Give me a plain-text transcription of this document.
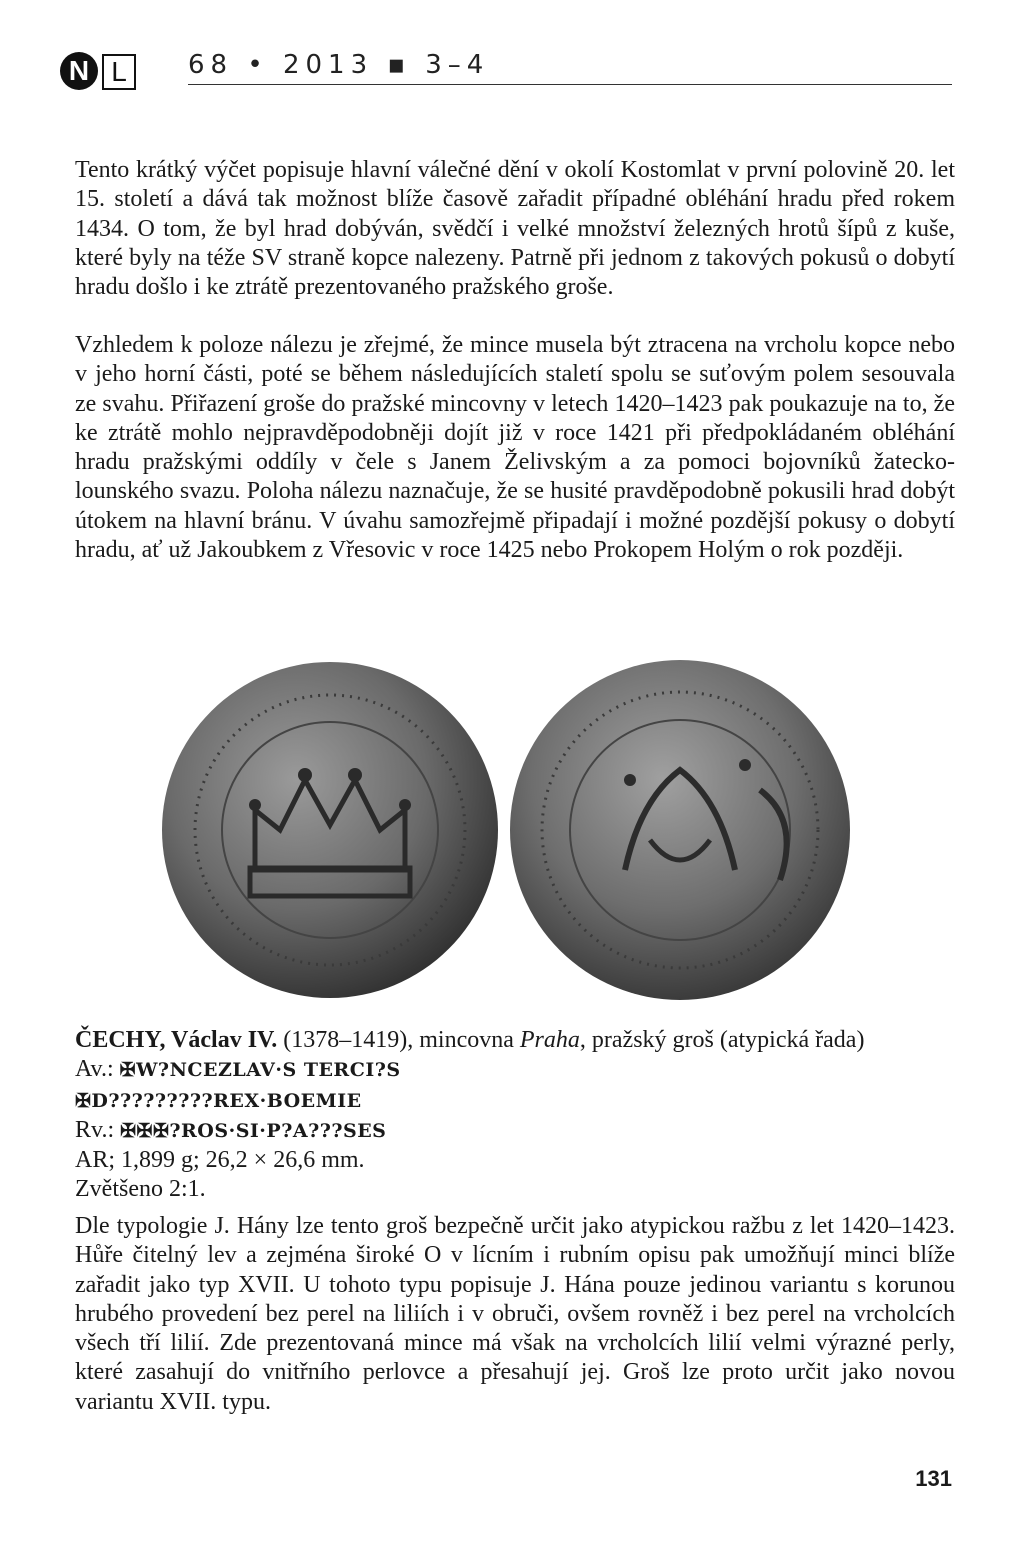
N L	68 • 2013 ▪ 3–4

Tento krátký výčet popisuje hlavní válečné dění v okolí Kostomlat v první polovině 20. let 15. století a dává tak možnost blíže časově zařadit případné obléhání hradu před rokem 1434. O tom, že byl hrad dobýván, svědčí i velké množství železných hrotů šípů z kuše, které byly na téže SV straně kopce nalezeny. Patrně při jednom z takových pokusů o dobytí hradu došlo i ke ztrátě prezentovaného pražského groše.

Vzhledem k poloze nálezu je zřejmé, že mince musela být ztracena na vrcholu kopce nebo v jeho horní části, poté se během následujících staletí spolu se suťovým polem sesouvala ze svahu. Přiřazení groše do pražské mincovny v letech 1420–1423 pak poukazuje na to, že ke ztrátě mohlo nejpravděpodobněji dojít již v roce 1421 při předpokládaném obléhání hradu pražskými oddíly v čele s Janem Želivským a za pomoci bojovníků žatecko-lounského svazu. Poloha nálezu naznačuje, že se husité pravděpodobně pokusili hrad dobýt útokem na hlavní bránu. V úvahu samozřejmě připadají i možné pozdější pokusy o dobytí hradu, ať už Jakoubkem z Vřesovic v roce 1425 nebo Prokopem Holým o rok později.

ČECHY, Václav IV. (1378–1419), mincovna Praha, pražský groš (atypická řada)
Av.: ✠W?NCEZLAV·S TERCI?S
✠D?????????REX·BOEMIE
Rv.: ✠✠✠?ROS·SI·P?A???SES
AR; 1,899 g; 26,2 × 26,6 mm.
Zvětšeno 2:1.

Dle typologie J. Hány lze tento groš bezpečně určit jako atypickou ražbu z let 1420–1423. Hůře čitelný lev a zejména široké O v lícním i rubním opisu pak umožňují minci blíže zařadit jako typ XVII. U tohoto typu popisuje J. Hána pouze jedinou variantu s korunou hrubého provedení bez perel na liliích i v obruči, ovšem rovněž i bez perel na vrcholcích všech tří lilií. Zde prezentovaná mince má však na vrcholcích lilií velmi výrazné perly, které zasahují do vnitřního perlovce a přesahují jej. Groš lze proto určit jako novou variantu XVII. typu.

131
